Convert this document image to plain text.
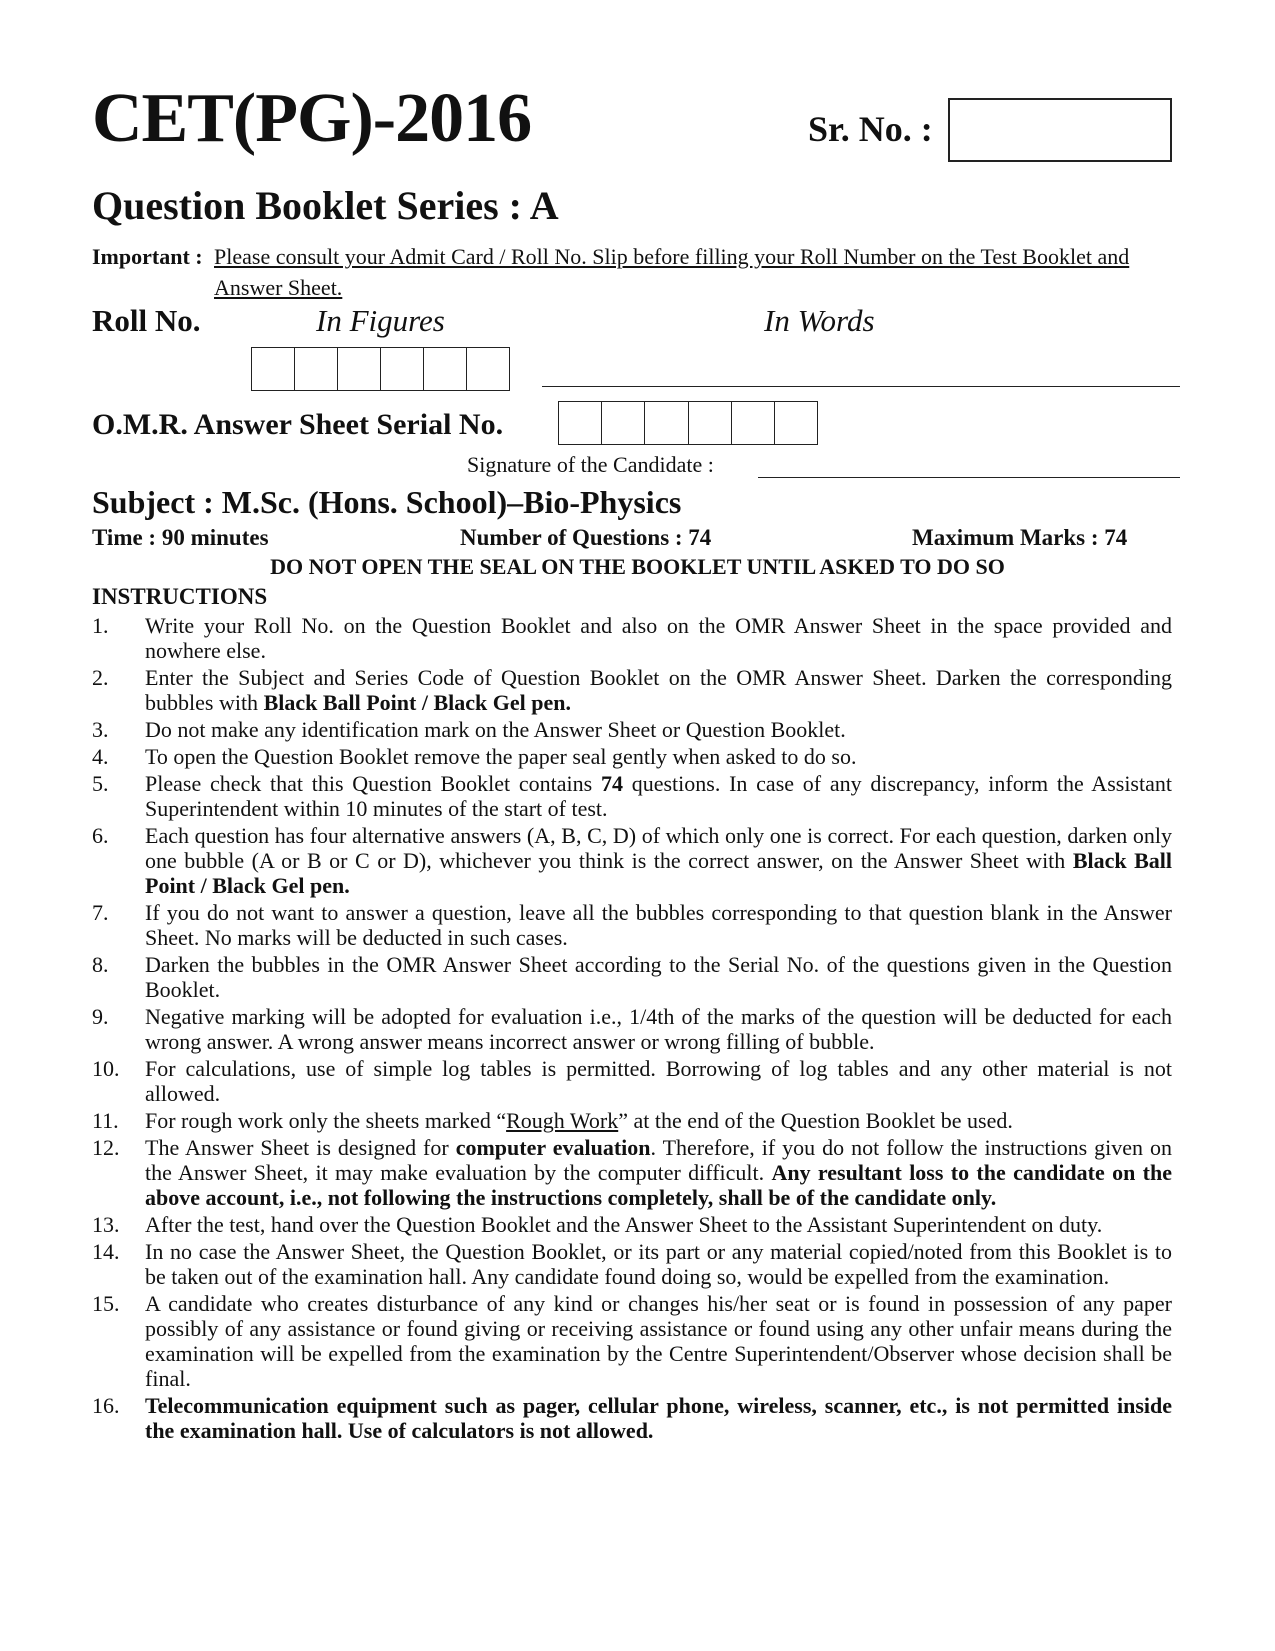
CET(PG)-2016	Sr. No. :
Question Booklet Series : A
Important : Please consult your Admit Card / Roll No. Slip before filling your Roll Number on the Test Booklet and Answer Sheet.
Roll No.	In Figures	In Words
O.M.R. Answer Sheet Serial No.
Signature of the Candidate :
Subject : M.Sc. (Hons. School)–Bio-Physics
Time : 90 minutes	Number of Questions : 74	Maximum Marks : 74
DO NOT OPEN THE SEAL ON THE BOOKLET UNTIL ASKED TO DO SO
INSTRUCTIONS
1.	Write your Roll No. on the Question Booklet and also on the OMR Answer Sheet in the space provided and nowhere else.
2.	Enter the Subject and Series Code of Question Booklet on the OMR Answer Sheet. Darken the corresponding bubbles with Black Ball Point / Black Gel pen.
3.	Do not make any identification mark on the Answer Sheet or Question Booklet.
4.	To open the Question Booklet remove the paper seal gently when asked to do so.
5.	Please check that this Question Booklet contains 74 questions. In case of any discrepancy, inform the Assistant Superintendent within 10 minutes of the start of test.
6.	Each question has four alternative answers (A, B, C, D) of which only one is correct. For each question, darken only one bubble (A or B or C or D), whichever you think is the correct answer, on the Answer Sheet with Black Ball Point / Black Gel pen.
7.	If you do not want to answer a question, leave all the bubbles corresponding to that question blank in the Answer Sheet. No marks will be deducted in such cases.
8.	Darken the bubbles in the OMR Answer Sheet according to the Serial No. of the questions given in the Question Booklet.
9.	Negative marking will be adopted for evaluation i.e., 1/4th of the marks of the question will be deducted for each wrong answer. A wrong answer means incorrect answer or wrong filling of bubble.
10.	For calculations, use of simple log tables is permitted. Borrowing of log tables and any other material is not allowed.
11.	For rough work only the sheets marked “Rough Work” at the end of the Question Booklet be used.
12.	The Answer Sheet is designed for computer evaluation. Therefore, if you do not follow the instructions given on the Answer Sheet, it may make evaluation by the computer difficult. Any resultant loss to the candidate on the above account, i.e., not following the instructions completely, shall be of the candidate only.
13.	After the test, hand over the Question Booklet and the Answer Sheet to the Assistant Superintendent on duty.
14.	In no case the Answer Sheet, the Question Booklet, or its part or any material copied/noted from this Booklet is to be taken out of the examination hall. Any candidate found doing so, would be expelled from the examination.
15.	A candidate who creates disturbance of any kind or changes his/her seat or is found in possession of any paper possibly of any assistance or found giving or receiving assistance or found using any other unfair means during the examination will be expelled from the examination by the Centre Superintendent/Observer whose decision shall be final.
16.	Telecommunication equipment such as pager, cellular phone, wireless, scanner, etc., is not permitted inside the examination hall. Use of calculators is not allowed.
